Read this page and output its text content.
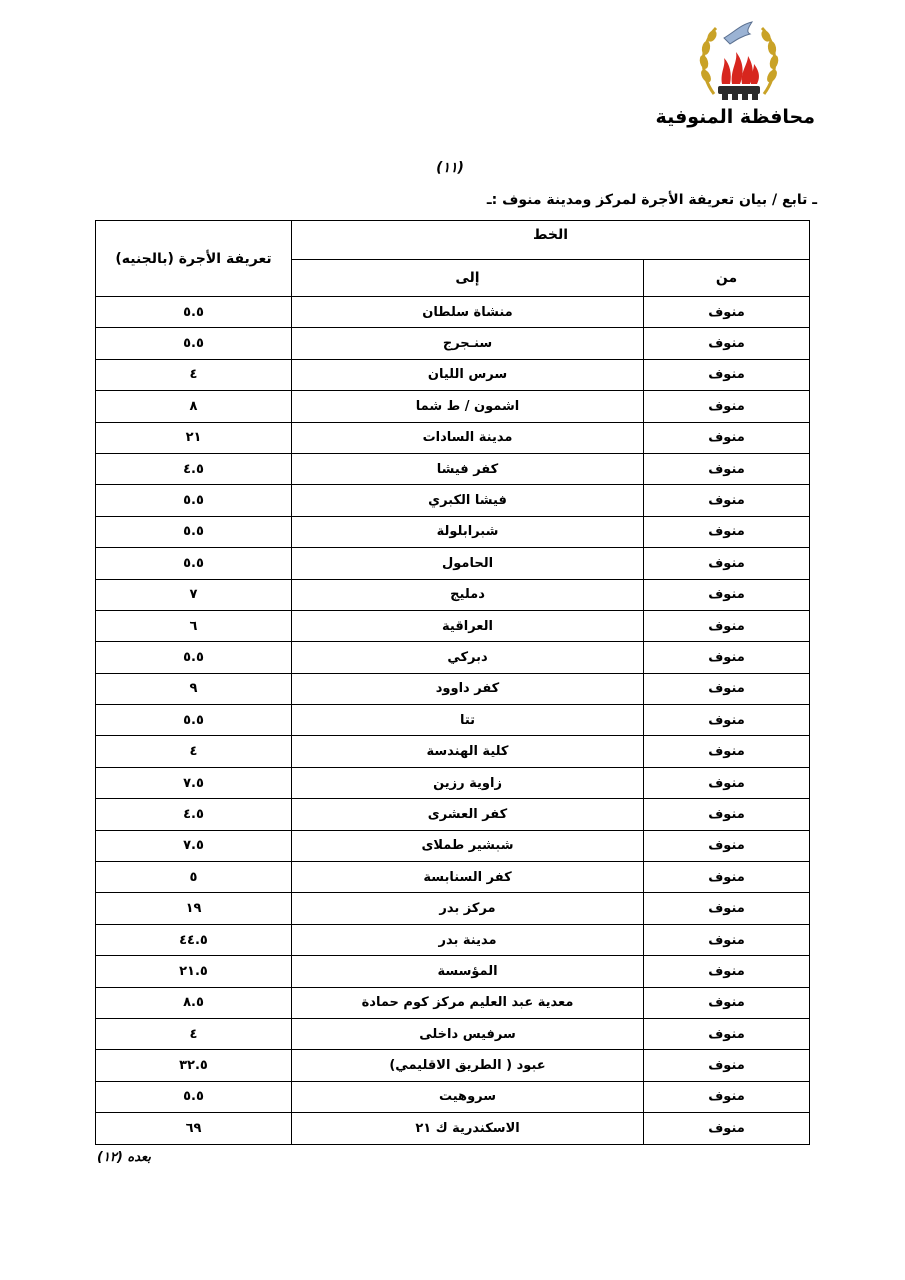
محافظة المنوفية
(١١)
ـ تابع / بيان تعريفة الأجرة لمركز ومدينة منوف :ـ
الخط		تعريفة الأجرة (بالجنيه)
من	إلى	
منوف	منشاة سلطان	٥.٥
منوف	سنـجرج	٥.٥
منوف	سرس الليان	٤
منوف	اشمون / ط شما	٨
منوف	مدينة السادات	٢١
منوف	كفر فيشا	٤.٥
منوف	فيشا الكبري	٥.٥
منوف	شبرابلولة	٥.٥
منوف	الحامول	٥.٥
منوف	دمليج	٧
منوف	العراقية	٦
منوف	دبركي	٥.٥
منوف	كفر داوود	٩
منوف	تتا	٥.٥
منوف	كلية الهندسة	٤
منوف	زاوية رزين	٧.٥
منوف	كفر العشرى	٤.٥
منوف	شبشير طملاى	٧.٥
منوف	كفر السنابسة	٥
منوف	مركز بدر	١٩
منوف	مدينة بدر	٤٤.٥
منوف	المؤسسة	٢١.٥
منوف	معدية عبد العليم مركز كوم حمادة	٨.٥
منوف	سرفيس داخلى	٤
منوف	عبود ( الطريق الاقليمي)	٣٢.٥
منوف	سروهيت	٥.٥
منوف	الاسكندرية ك ٢١	٦٩
بعده (١٢)
